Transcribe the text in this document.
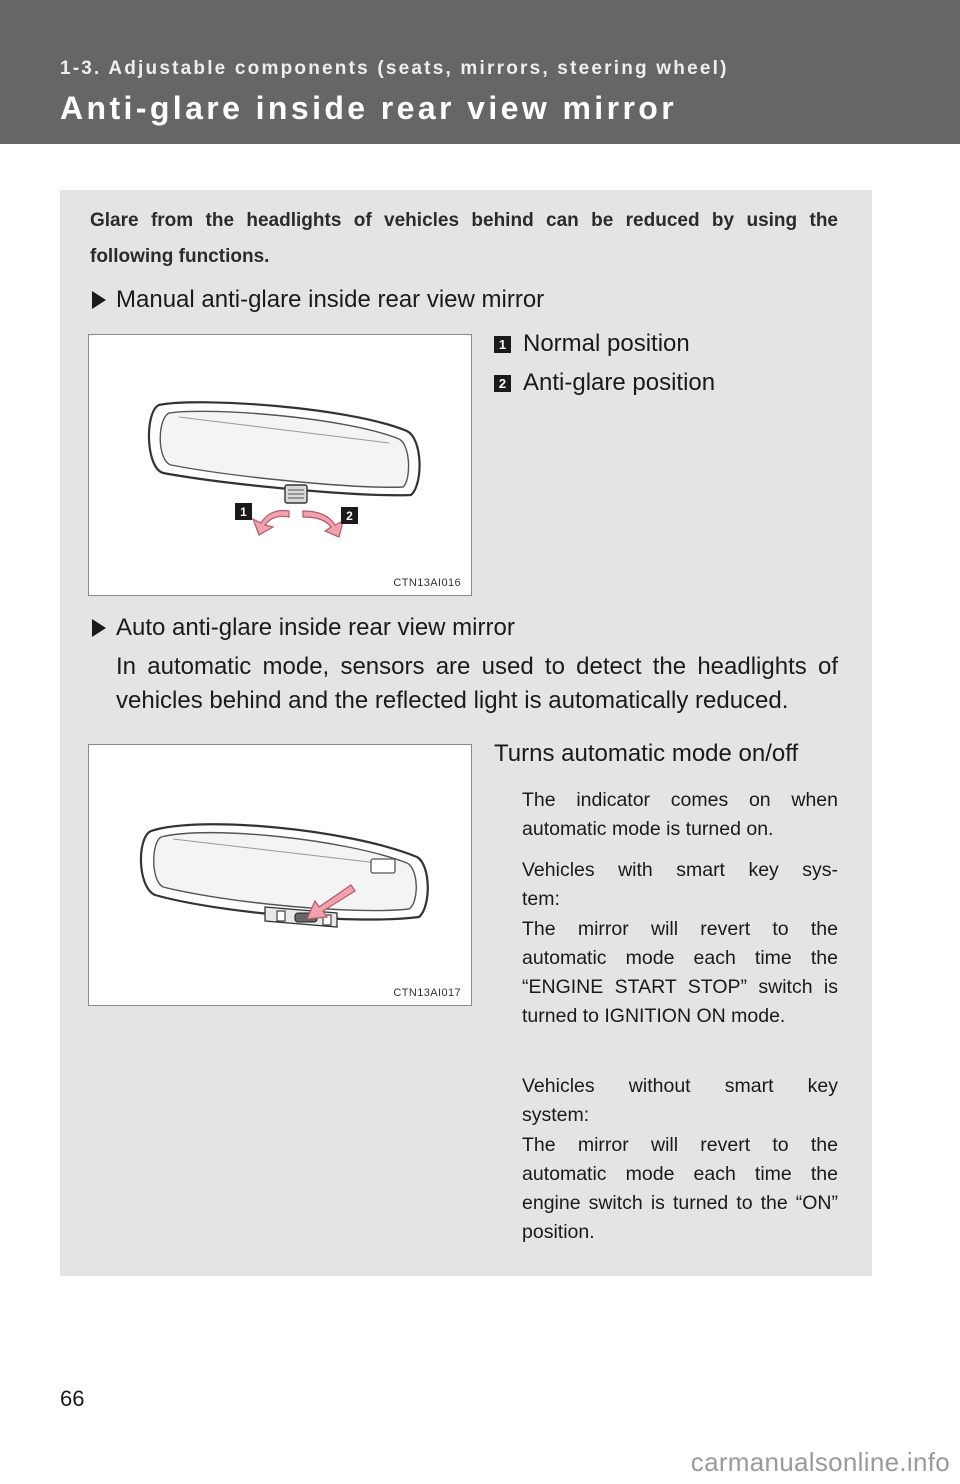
1-3. Adjustable components (seats, mirrors, steering wheel)
Anti-glare inside rear view mirror
Glare from the headlights of vehicles behind can be reduced by using the following functions.
Manual anti-glare inside rear view mirror
1	2
CTN13AI016
1 Normal position
2 Anti-glare position
Auto anti-glare inside rear view mirror
In automatic mode, sensors are used to detect the headlights of vehicles behind and the reflected light is automatically reduced.
CTN13AI017
Turns automatic mode on/off
The indicator comes on when automatic mode is turned on.
Vehicles with smart key sys-
tem:
The mirror will revert to the automatic mode each time the “ENGINE START STOP” switch is turned to IGNITION ON mode.
Vehicles without smart key
system:
The mirror will revert to the automatic mode each time the engine switch is turned to the “ON” position.
66
carmanualsonline.info
